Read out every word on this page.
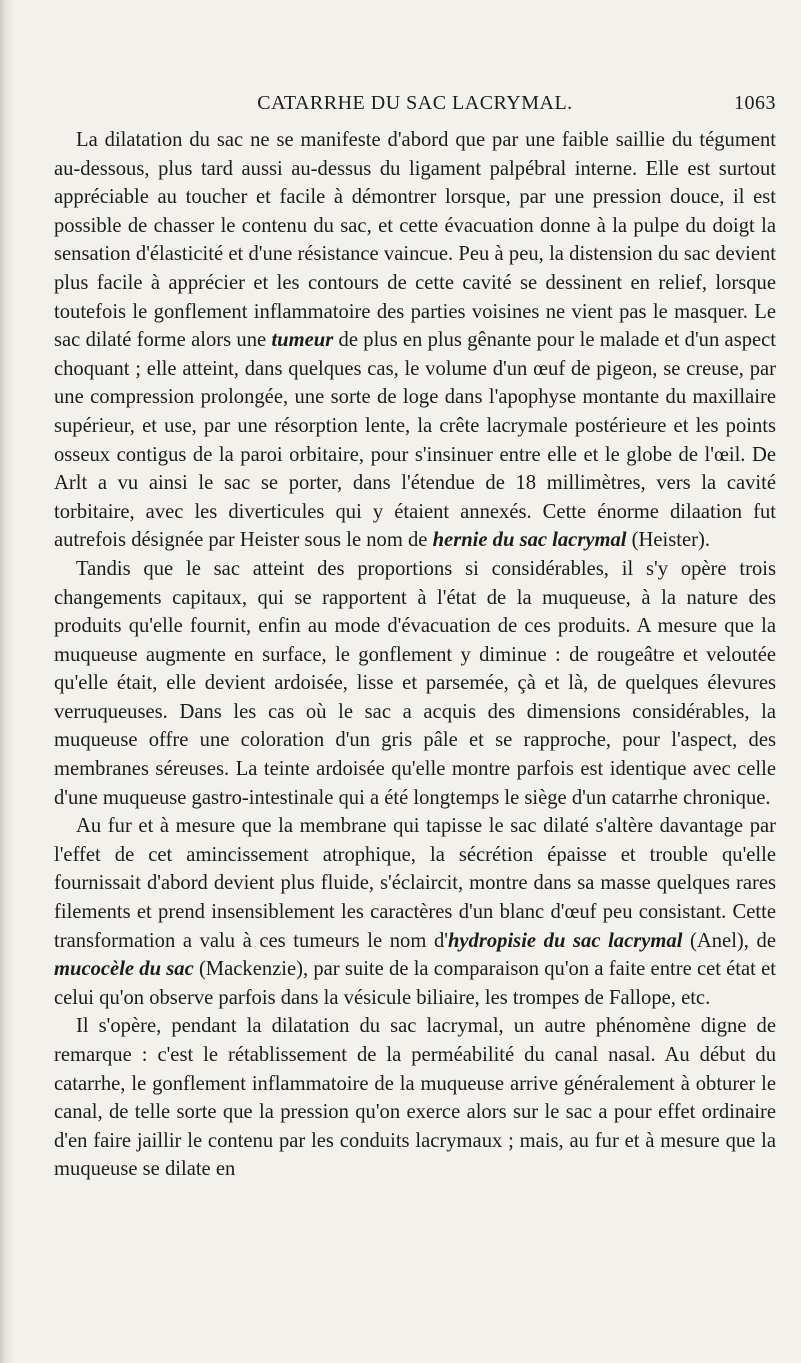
CATARRHE DU SAC LACRYMAL.	1063

La dilatation du sac ne se manifeste d'abord que par une faible saillie du tégument au-dessous, plus tard aussi au-dessus du ligament palpébral interne. Elle est surtout appréciable au toucher et facile à démontrer lorsque, par une pression douce, il est possible de chasser le contenu du sac, et cette évacuation donne à la pulpe du doigt la sensation d'élasticité et d'une résistance vaincue. Peu à peu, la distension du sac devient plus facile à apprécier et les contours de cette cavité se dessinent en relief, lorsque toutefois le gonflement inflammatoire des parties voisines ne vient pas le masquer. Le sac dilaté forme alors une tumeur de plus en plus gênante pour le malade et d'un aspect choquant ; elle atteint, dans quelques cas, le volume d'un œuf de pigeon, se creuse, par une compression prolongée, une sorte de loge dans l'apophyse montante du maxillaire supérieur, et use, par une résorption lente, la crête lacrymale postérieure et les points osseux contigus de la paroi orbitaire, pour s'insinuer entre elle et le globe de l'œil. De Arlt a vu ainsi le sac se porter, dans l'étendue de 18 millimètres, vers la cavité torbitaire, avec les diverticules qui y étaient annexés. Cette énorme dilaation fut autrefois désignée par Heister sous le nom de hernie du sac lacrymal (Heister).

Tandis que le sac atteint des proportions si considérables, il s'y opère trois changements capitaux, qui se rapportent à l'état de la muqueuse, à la nature des produits qu'elle fournit, enfin au mode d'évacuation de ces produits. A mesure que la muqueuse augmente en surface, le gonflement y diminue : de rougeâtre et veloutée qu'elle était, elle devient ardoisée, lisse et parsemée, çà et là, de quelques élevures verruqueuses. Dans les cas où le sac a acquis des dimensions considérables, la muqueuse offre une coloration d'un gris pâle et se rapproche, pour l'aspect, des membranes séreuses. La teinte ardoisée qu'elle montre parfois est identique avec celle d'une muqueuse gastro-intestinale qui a été longtemps le siège d'un catarrhe chronique.

Au fur et à mesure que la membrane qui tapisse le sac dilaté s'altère davantage par l'effet de cet amincissement atrophique, la sécrétion épaisse et trouble qu'elle fournissait d'abord devient plus fluide, s'éclaircit, montre dans sa masse quelques rares filements et prend insensiblement les caractères d'un blanc d'œuf peu consistant. Cette transformation a valu à ces tumeurs le nom d'hydropisie du sac lacrymal (Anel), de mucocèle du sac (Mackenzie), par suite de la comparaison qu'on a faite entre cet état et celui qu'on observe parfois dans la vésicule biliaire, les trompes de Fallope, etc.

Il s'opère, pendant la dilatation du sac lacrymal, un autre phénomène digne de remarque : c'est le rétablissement de la perméabilité du canal nasal. Au début du catarrhe, le gonflement inflammatoire de la muqueuse arrive généralement à obturer le canal, de telle sorte que la pression qu'on exerce alors sur le sac a pour effet ordinaire d'en faire jaillir le contenu par les conduits lacrymaux ; mais, au fur et à mesure que la muqueuse se dilate en
